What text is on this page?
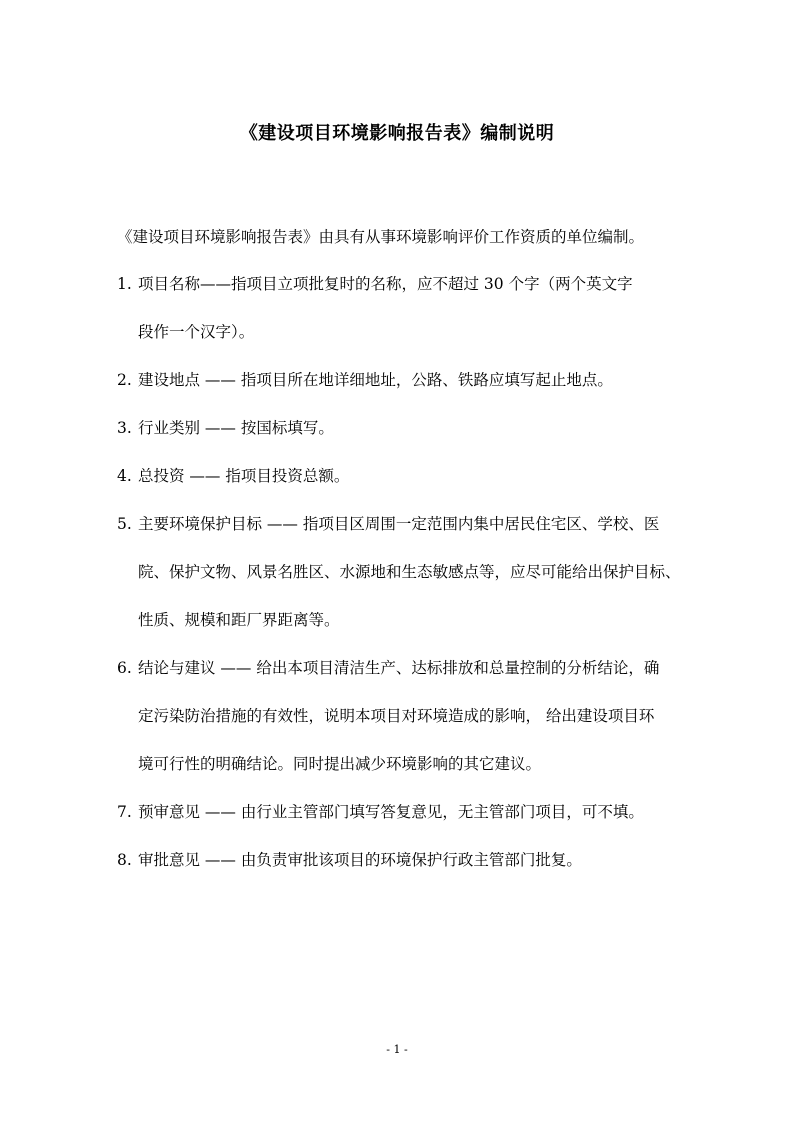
《建设项目环境影响报告表》编制说明
《建设项目环境影响报告表》由具有从事环境影响评价工作资质的单位编制。
1. 项目名称——指项目立项批复时的名称，应不超过 30 个字（两个英文字
段作一个汉字）。
2. 建设地点 —— 指项目所在地详细地址，公路、铁路应填写起止地点。
3. 行业类别 —— 按国标填写。
4. 总投资 —— 指项目投资总额。
5. 主要环境保护目标 —— 指项目区周围一定范围内集中居民住宅区、学校、医
院、保护文物、风景名胜区、水源地和生态敏感点等，应尽可能给出保护目标、
性质、规模和距厂界距离等。
6. 结论与建议 —— 给出本项目清洁生产、达标排放和总量控制的分析结论，确
定污染防治措施的有效性，说明本项目对环境造成的影响， 给出建设项目环
境可行性的明确结论。同时提出减少环境影响的其它建议。
7. 预审意见 —— 由行业主管部门填写答复意见，无主管部门项目，可不填。
8. 审批意见 —— 由负责审批该项目的环境保护行政主管部门批复。
- 1 -
